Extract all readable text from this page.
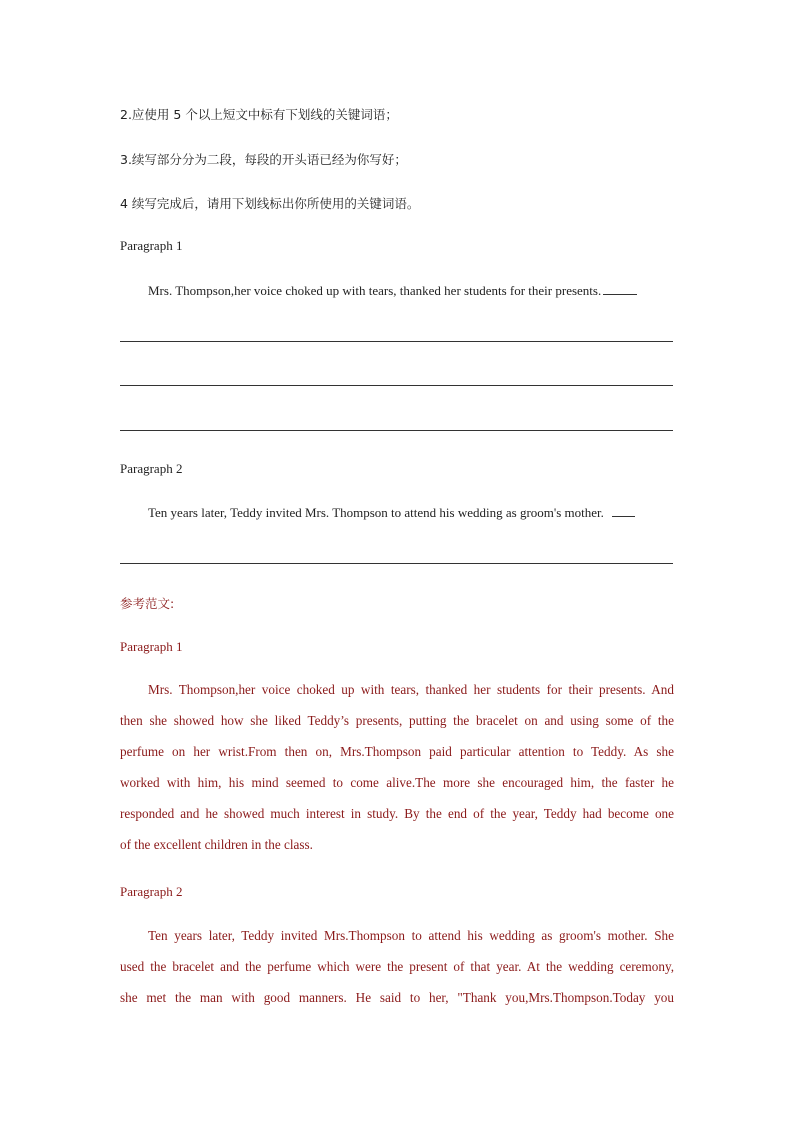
2.应使用 5 个以上短文中标有下划线的关键词语；
3.续写部分分为二段，每段的开头语已经为你写好；
4 续写完成后，请用下划线标出你所使用的关键词语。
Paragraph 1
Mrs. Thompson,her voice choked up with tears, thanked her students for their presents.
Paragraph 2
Ten years later, Teddy invited Mrs. Thompson to attend his wedding as groom's mother.
参考范文:
Paragraph 1
Mrs. Thompson,her voice choked up with tears, thanked her students for their presents. And
then she showed how she liked Teddy’s presents, putting the bracelet on and using some of the
perfume on her wrist.From then on, Mrs.Thompson paid particular attention to Teddy. As she
worked with him, his mind seemed to come alive.The more she encouraged him, the faster he
responded and he showed much interest in study. By the end of the year, Teddy had become one
of the excellent children in the class.
Paragraph 2
Ten years later, Teddy invited Mrs.Thompson to attend his wedding as groom's mother. She
used the bracelet and the perfume which were the present of that year. At the wedding ceremony,
she met the man with good manners. He said to her, "Thank you,Mrs.Thompson.Today you
